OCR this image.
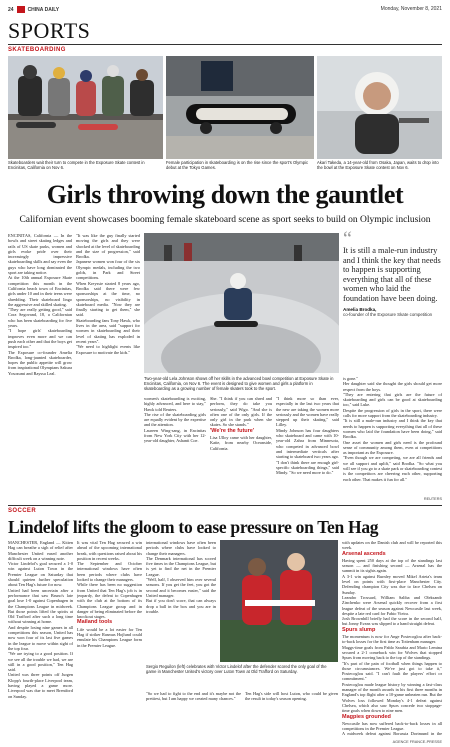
24	CHINA DAILY	Monday, November 8, 2021
SPORTS
SKATEBOARDING
Skateboarders wait their turn to compete in the Exposure Skate contest in Encinitas, California on Nov 6.
Female participation in skateboarding is on the rise since the sport's Olympic debut at the Tokyo Games.
Akari Takeda, a 14-year-old from Osaka, Japan, waits to drop into the bowl at the Exposure Skate contest on Nov 6.
Girls throwing down the gauntlet
Californian event showcases booming female skateboard scene as sport seeks to build on Olympic inclusion

ENCINITAS, California — In the bowls and street skating ledges and rails of US skate parks, women and girls evoke pride over their increasingly impressive skateboarding skills and say even the guys who have long dominated the sport are taking notice.

At the 10th annual Exposure Skate competition this month in the California beach town of Encinitas, girls under 10 and in their teens were shredding. Their skateboard lingo the aggressive and skilled skating.

"They are really getting good," said Cora Segovand, 18, a Californian who has been skateboarding for five years.

"I hope girls' skateboarding improves even more and we can push each other and that the boys get inspired too."

The Exposure co-founder Amelia Brodka, long-jaunted skateboarder, hopes the public appetite will grow from inspirational Olympians Sakura Yosozumi and Rayssa Leal.

"It was like the guy finally started moving the girls and they were shocked at the level of skateboarding and the size of progression," said Brodka.

Japanese women won four of the six Olympic medals, including the two golds, in Park and Street competitions.

When Kreyssie started 8 years ago, Brodka said there were few sponsorships at the time, no sponsorships, no visibility in skateboard media. "Now they are finally starting to get them," she said.

Skateboarding fans Tony Hawk, who lives in the area, said "support for women in skateboarding and their level of skating has exploded in recent years".

"We need to highlight events like Exposure to motivate the kids."

Two-year-old Lela Johnson shows off her skills in the advanced bowl competition at Exposure Skate in Encinitas, California, on Nov 6. The event is designed to give women and girls a platform in skateboarding as a growing number of female skaters took to the sport.

women's skateboarding is exciting, highly advanced, and here to stay," Hawk told Reuters.

The rise of the skateboarding girls are equally evident by the expertise and the attention.

Laureen Wing-sang, in Encinitas from New York City with her 12-year-old daughter, Ashanti Coe.

She. "I think if you can shred and perform, they do take you seriously," said Wigo. "And she is often one of the only girls. If the only girl in the park when she skates. So she stands."

'We're the future'

Lisa Ulloy came with her daughter, Katie, from nearby Oceanside, California.

"I think more so than ever, especially in the last two years that the new are taking the women more seriously and the women have really stepped up their skating," said Lilley.

Mindy Johnson has four daughters who skateboard and came with 10-year-old Zahra from Minnesota, who competed in advanced bowl and intermediate verticals after starting to skateboard two years ago.

"I don't think there are enough girl-specific skateboarding things," said Mindy. "So we need more to do."

“
It is still a male-run industry and I think the key that needs to happen is supporting everything that all of these women who laid the foundation have been doing.
Amelia Brodka,
co-founder of the Exposure Skate competition

is gone."

Her daughter said she thought the girls should get more respect from the boys.

"They are entering that girls are the future of skateboarding and girls can be good at skateboarding too," said Luke.

Despite the progression of girls in the sport, there were calls for more support from the skateboarding industry.

"It is still a male-run industry and I think the key that needs to happen is supporting everything that all of these women who laid the foundation have been doing," said Brodka.

One asset the women and girls need is the profound sense of community among them, even at competitions as important as the Exposure.

"Even though we are competing, we are all friends and we all support and uplift," said Brodka. "So what you will see if you go to a skate park or skateboarding contest is the competitors are cheering each other, supporting each other. That makes it fun for all."

REUTERS
SOCCER
Lindelof lifts the gloom to ease pressure on Ten Hag

MANCHESTER, England — Kitten Hag can breathe a sigh of relief after Manchester United eased another difficult week on a winning note.

Victor Lindelof's goal secured a 1-0 win against Luton Town in the Premier League on Saturday that should quieten further speculation about Ten Hag's future for now.

United had been uncertain after a performance that saw Bruno's late goal lose 1-0 against Copenhagen in the Champions League in midweek. But those points lifted the spirits at Old Trafford after such a long time without winning at home.

And despite losing nine games in all competitions this season, United has now won four of its last five games in the league to move within sight of the top four.

"We are trying to a good position. If we see all the trouble we had, we are still in a good position," Ten Hag said.

United was three points off Jurgen Klopp's fourth-place Liverpool team, having played a game more. Liverpool was due to meet Brentford on Sunday.

It was vital Ten Hag secured a win ahead of the upcoming international break, with questions raised about his position in recent weeks.

The September and October international windows have often been periods where clubs have looked to change their managers.

While there has been no suggestion from United that Ten Hag's job is in jeopardy, the defeat to Copenhagen with the club at the bottom of its Champions League group and in danger of being eliminated before the knockout stages.

Mailand tools

Life would be a lot easier for Ten Hag if striker Rasmus Hojlund could emulate his Champions League form in the Premier League.

international windows have often been periods where clubs have looked to change their managers.

The Denmark international has scored five times in the Champions League, but is yet to find the net in the Premier League.

"Well, half, I observed him over several seasons. If you get the feet, you got the second and it becomes easier," said the United manager.

But if you don't score, that can always drop a ball in the box and you are in trouble.

Sergio Reguilon (left) celebrates with Victor Lindelof after the defender scored the only goal of the game in Manchester United's victory over Luton Town at Old Trafford on Saturday.

"So we had to fight to the end and it's maybe not the prettiest, but I am happy we created many chances."

Ten Hag's side will host Luton, who could be given the result in today's season opening.

with updates on the Danish club and will be reported this week.

Arsenal ascends

Having spent 250 days at the top of the standings last season — and finishing second — Arsenal has the summit in its sights again.

A 3-1 win against Burnley moved Mikel Arteta's team level on points with first-place Manchester City. Defending champion City was due to face Chelsea on Sunday.

Leandro Trossard, William Saliba and Oleksandr Zinchenko were Arsenal quickly recover from a first league defeat of the season against Newcastle last week, despite a late red card for Fabio Vieira.

Josh Brownhill briefly had the score in the second half, but Jonny Evans was slipped to a hand straight defeat.

Spurs slump

The momentum is now for Ange Postecoglou after back-to-back losses for the first time as Tottenham manager.

Maggs-time goals from Pablo Sarabia and Mario Lemina secured a 2-1 comeback win for Wolves that stopped Spurs from moving back to the top of the standings.

"It's part of the pain of football when things happen to those circumstances. We've just got to take it," Postecoglou said. "I can't fault the players' effort or commitment."

Postecoglou made league history by winning a fast-class manager of the month awards in his first three months in England's top flight after a 10-game unbeaten run. But the Wolves loss followed Monday's 4-1 defeat against Chelsea, which also saw Spurs concede two stoppage-time goals when down to nine men.

Magpies grounded

Newcastle has now suffered back-to-back losses in all competitions in the Premier League.

A midweek defeat against Borussia Dortmund in the

AGENCE FRANCE-PRESSE
